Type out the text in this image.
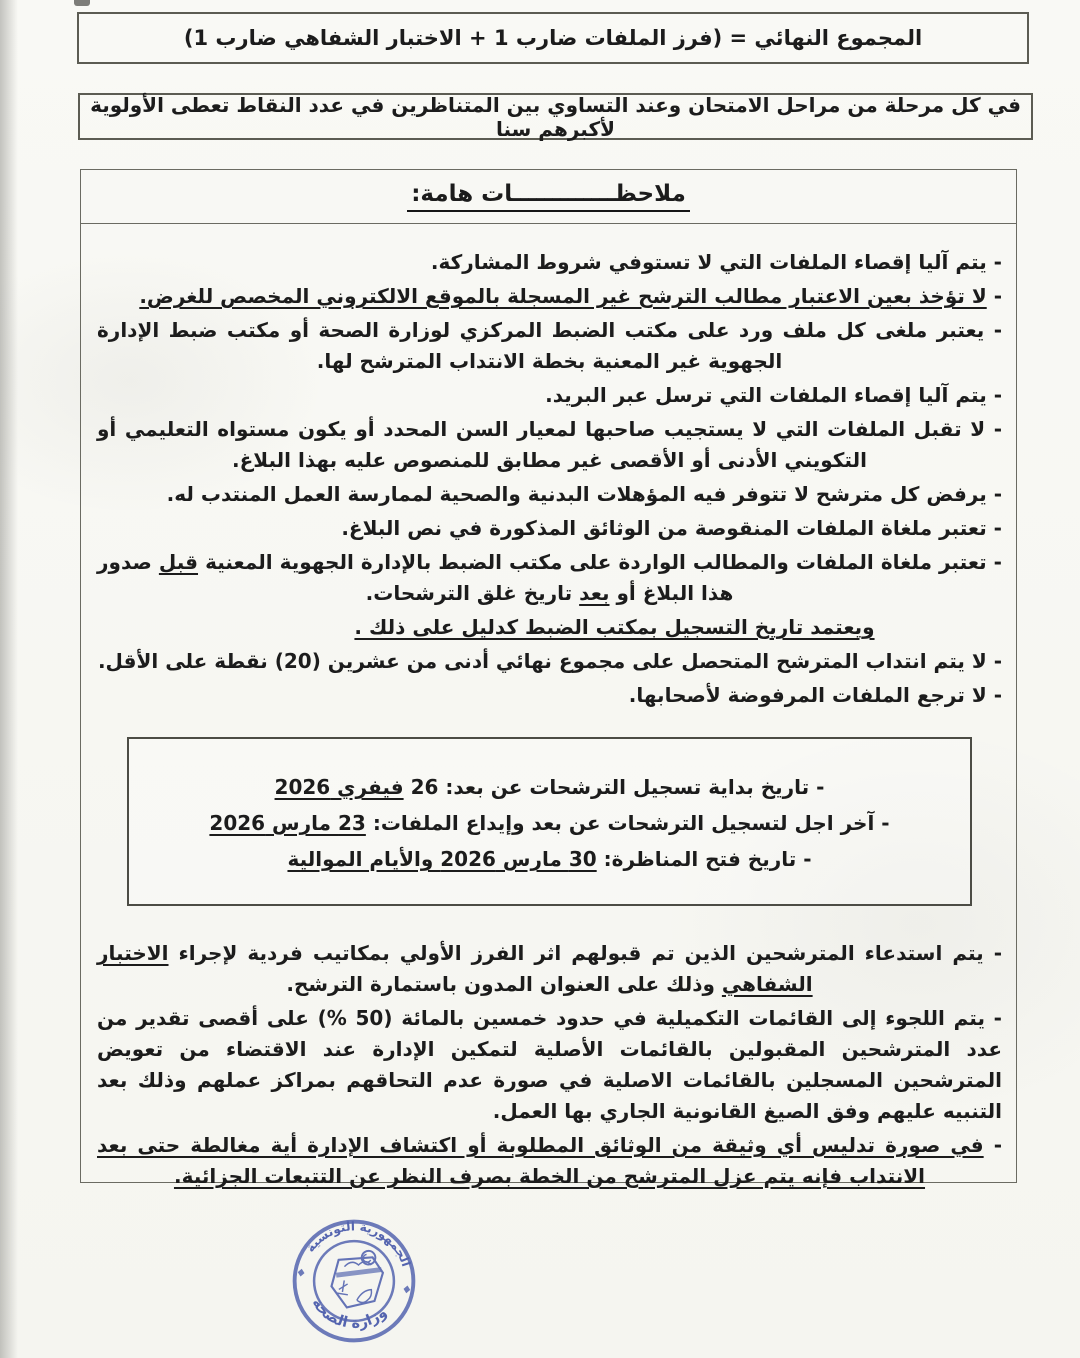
المجموع النهائي = (فرز الملفات ضارب 1 + الاختبار الشفاهي ضارب 1)
في كل مرحلة من مراحل الامتحان وعند التساوي بين المتناظرين في عدد النقاط تعطى الأولوية لأكبرهم سنا
ملاحظـــــــــــــات هامة:

- يتم آليا إقصاء الملفات التي لا تستوفي شروط المشاركة.

- لا تؤخذ بعين الاعتبار مطالب الترشح غير المسجلة بالموقع الالكتروني المخصص للغرض.

- يعتبر ملغى كل ملف ورد على مكتب الضبط المركزي لوزارة الصحة أو مكتب ضبط الإدارة الجهوية غير المعنية بخطة الانتداب المترشح لها.

- يتم آليا إقصاء الملفات التي ترسل عبر البريد.

- لا تقبل الملفات التي لا يستجيب صاحبها لمعيار السن المحدد أو يكون مستواه التعليمي أو التكويني الأدنى أو الأقصى غير مطابق للمنصوص عليه بهذا البلاغ.

- يرفض كل مترشح لا تتوفر فيه المؤهلات البدنية والصحية لممارسة العمل المنتدب له.

- تعتبر ملغاة الملفات المنقوصة من الوثائق المذكورة في نص البلاغ.

- تعتبر ملغاة الملفات والمطالب الواردة على مكتب الضبط بالإدارة الجهوية المعنية قبل صدور هذا البلاغ أو بعد تاريخ غلق الترشحات.

ويعتمد تاريخ التسجيل بمكتب الضبط كدليل على ذلك .

- لا يتم انتداب المترشح المتحصل على مجموع نهائي أدنى من عشرين (20) نقطة على الأقل.

- لا ترجع الملفات المرفوضة لأصحابها.

- تاريخ بداية تسجيل الترشحات عن بعد: 26 فيفري 2026

- آخر اجل لتسجيل الترشحات عن بعد وإيداع الملفات: 23 مارس 2026

- تاريخ فتح المناظرة: 30 مارس 2026 والأيام الموالية

- يتم استدعاء المترشحين الذين تم قبولهم اثر الفرز الأولي بمكاتيب فردية لإجراء الاختبار الشفاهي وذلك على العنوان المدون باستمارة الترشح.

- يتم اللجوء إلى القائمات التكميلية في حدود خمسين بالمائة (50 %) على أقصى تقدير من عدد المترشحين المقبولين بالقائمات الأصلية لتمكين الإدارة عند الاقتضاء من تعويض المترشحين المسجلين بالقائمات الاصلية في صورة عدم التحاقهم بمراكز عملهم وذلك بعد التنبيه عليهم وفق الصيغ القانونية الجاري بها العمل.

- في صورة تدليس أي وثيقة من الوثائق المطلوبة أو اكتشاف الإدارة أية مغالطة حتى بعد الانتداب فإنه يتم عزل المترشح من الخطة بصرف النظر عن التتبعات الجزائية.

الجمهورية التونسية
وزارة الصحة
